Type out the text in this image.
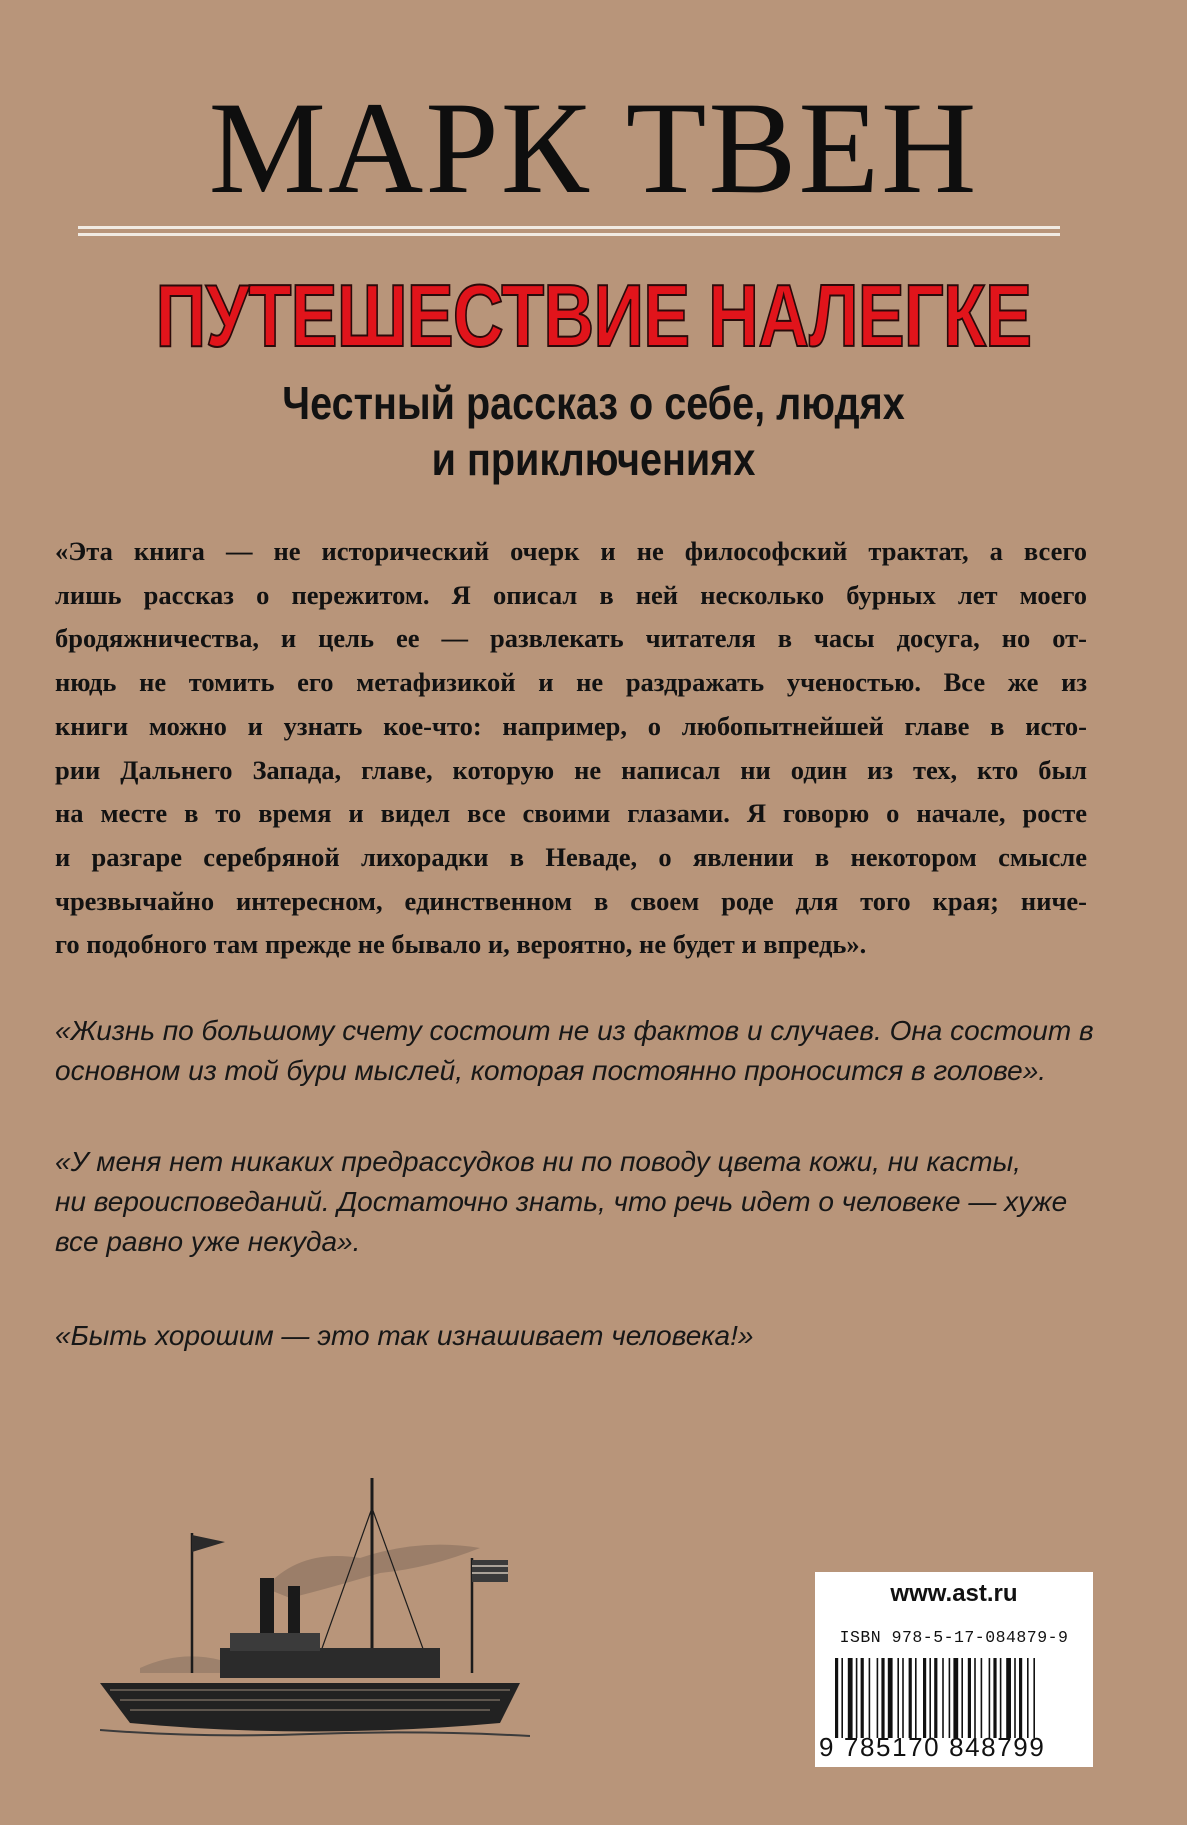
МАРК ТВЕН
ПУТЕШЕСТВИЕ НАЛЕГКЕ
Честный рассказ о себе, людях
и приключениях
«Эта книга — не исторический очерк и не философский трактат, а всего
лишь рассказ о пережитом. Я описал в ней несколько бурных лет моего
бродяжничества, и цель ее — развлекать читателя в часы досуга, но от-
нюдь не томить его метафизикой и не раздражать ученостью. Все же из
книги можно и узнать кое-что: например, о любопытнейшей главе в исто-
рии Дальнего Запада, главе, которую не написал ни один из тех, кто был
на месте в то время и видел все своими глазами. Я говорю о начале, росте
и разгаре серебряной лихорадки в Неваде, о явлении в некотором смысле
чрезвычайно интересном, единственном в своем роде для того края; ниче-
го подобного там прежде не бывало и, вероятно, не будет и впредь».
«Жизнь по большому счету состоит не из фактов и случаев. Она состоит в
основном из той бури мыслей, которая постоянно проносится в голове».
«У меня нет никаких предрассудков ни по поводу цвета кожи, ни касты,
ни вероисповеданий. Достаточно знать, что речь идет о человеке — хуже
все равно уже некуда».
«Быть хорошим — это так изнашивает человека!»
www.ast.ru
ISBN 978-5-17-084879-9
9 785170 848799
